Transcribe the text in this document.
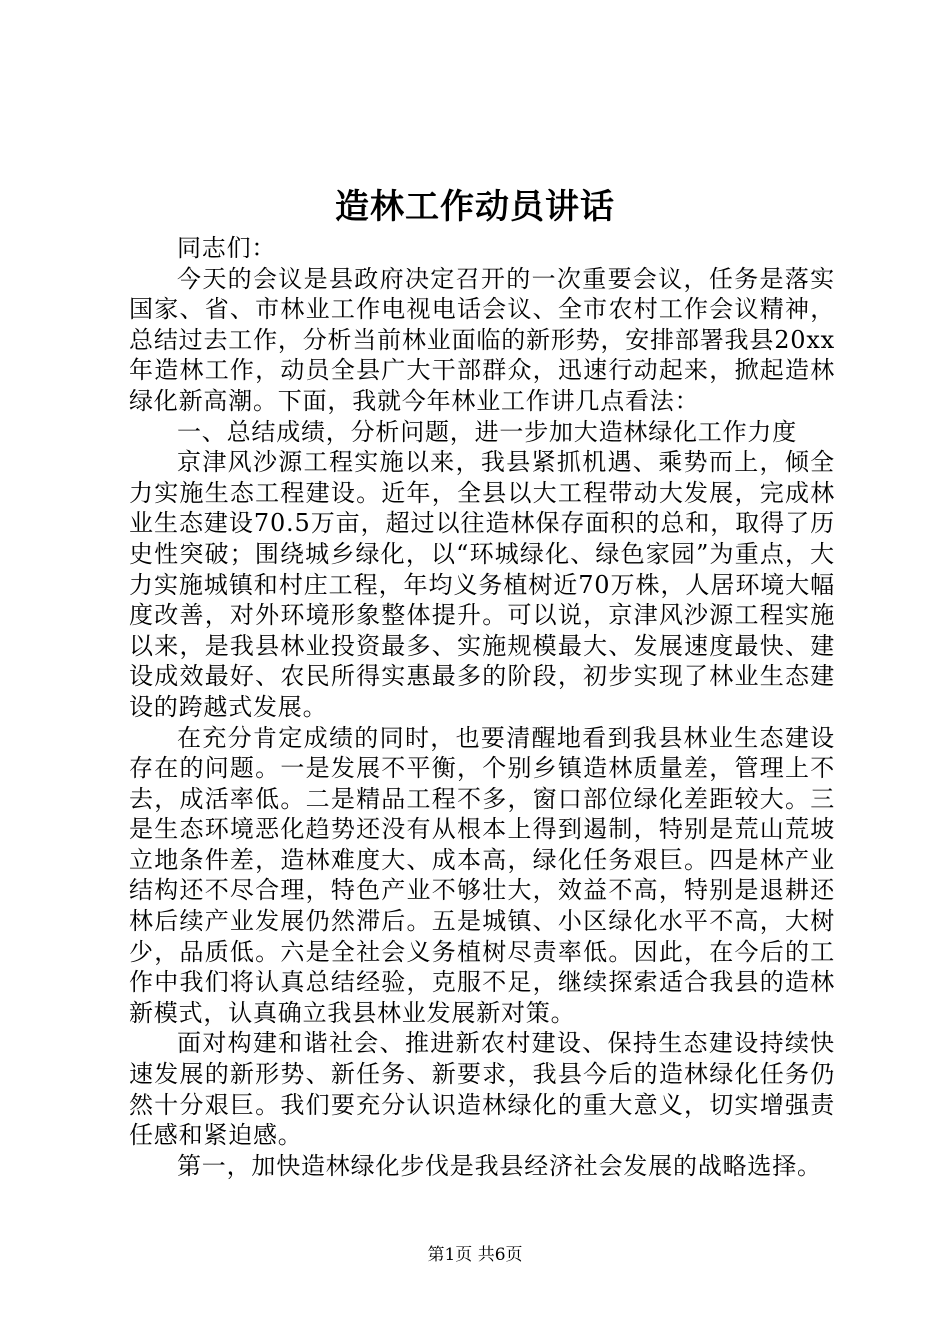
造林工作动员讲话

同志们：

今天的会议是县政府决定召开的一次重要会议，任务是落实国家、省、市林业工作电视电话会议、全市农村工作会议精神，总结过去工作，分析当前林业面临的新形势，安排部署我县20xx年造林工作，动员全县广大干部群众，迅速行动起来，掀起造林绿化新高潮。下面，我就今年林业工作讲几点看法：

一、总结成绩，分析问题，进一步加大造林绿化工作力度

京津风沙源工程实施以来，我县紧抓机遇、乘势而上，倾全力实施生态工程建设。近年，全县以大工程带动大发展，完成林业生态建设70.5万亩，超过以往造林保存面积的总和，取得了历史性突破；围绕城乡绿化，以“环城绿化、绿色家园”为重点，大力实施城镇和村庄工程，年均义务植树近70万株，人居环境大幅度改善，对外环境形象整体提升。可以说，京津风沙源工程实施以来，是我县林业投资最多、实施规模最大、发展速度最快、建设成效最好、农民所得实惠最多的阶段，初步实现了林业生态建设的跨越式发展。

在充分肯定成绩的同时，也要清醒地看到我县林业生态建设存在的问题。一是发展不平衡，个别乡镇造林质量差，管理上不去，成活率低。二是精品工程不多，窗口部位绿化差距较大。三是生态环境恶化趋势还没有从根本上得到遏制，特别是荒山荒坡立地条件差，造林难度大、成本高，绿化任务艰巨。四是林产业结构还不尽合理，特色产业不够壮大，效益不高，特别是退耕还林后续产业发展仍然滞后。五是城镇、小区绿化水平不高，大树少，品质低。六是全社会义务植树尽责率低。因此，在今后的工作中我们将认真总结经验，克服不足，继续探索适合我县的造林新模式，认真确立我县林业发展新对策。

面对构建和谐社会、推进新农村建设、保持生态建设持续快速发展的新形势、新任务、新要求，我县今后的造林绿化任务仍然十分艰巨。我们要充分认识造林绿化的重大意义，切实增强责任感和紧迫感。

第一，加快造林绿化步伐是我县经济社会发展的战略选择。

第1页 共6页
